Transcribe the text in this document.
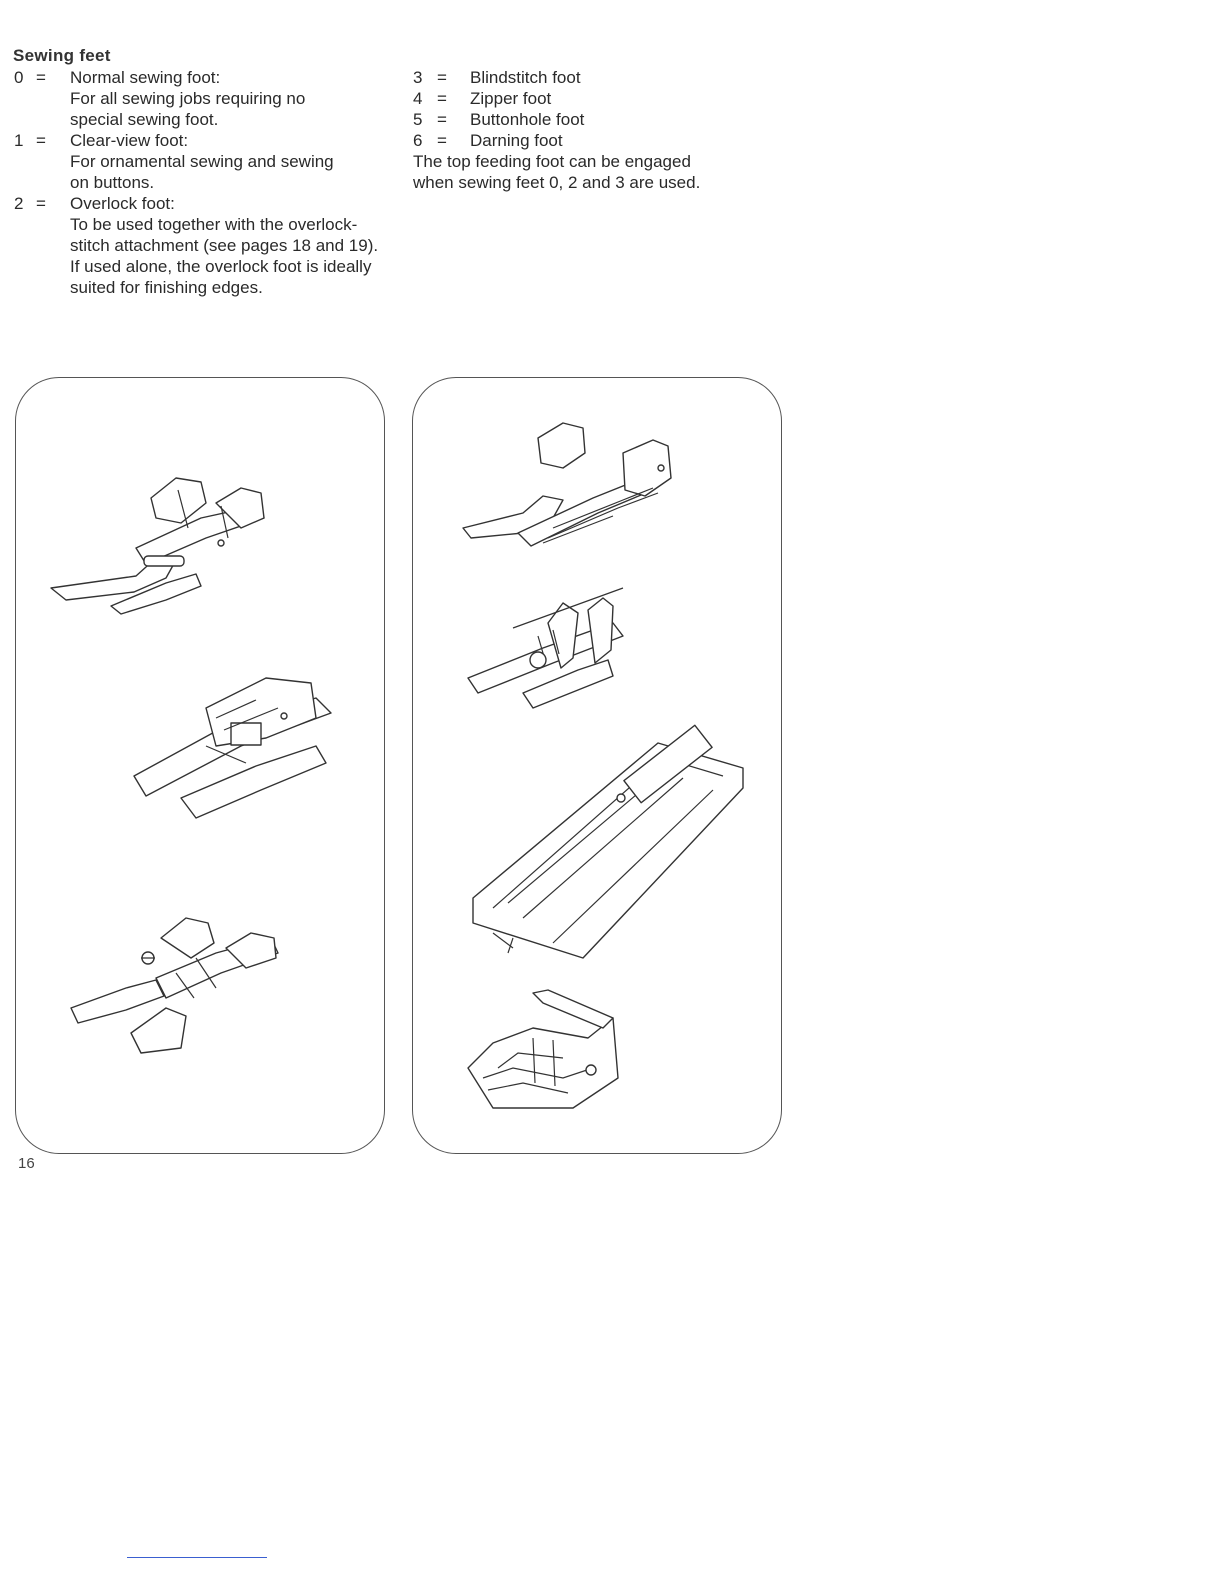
Sewing feet
0 = Normal sewing foot:
For all sewing jobs requiring no
special sewing foot.
1 = Clear-view foot:
For ornamental sewing and sewing
on buttons.
2 = Overlock foot:
To be used together with the overlock-
stitch attachment (see pages 18 and 19).
If used alone, the overlock foot is ideally
suited for finishing edges.
3 = Blindstitch foot
4 = Zipper foot
5 = Buttonhole foot
6 = Darning foot
The top feeding foot can be engaged
when sewing feet 0, 2 and 3 are used.
16
